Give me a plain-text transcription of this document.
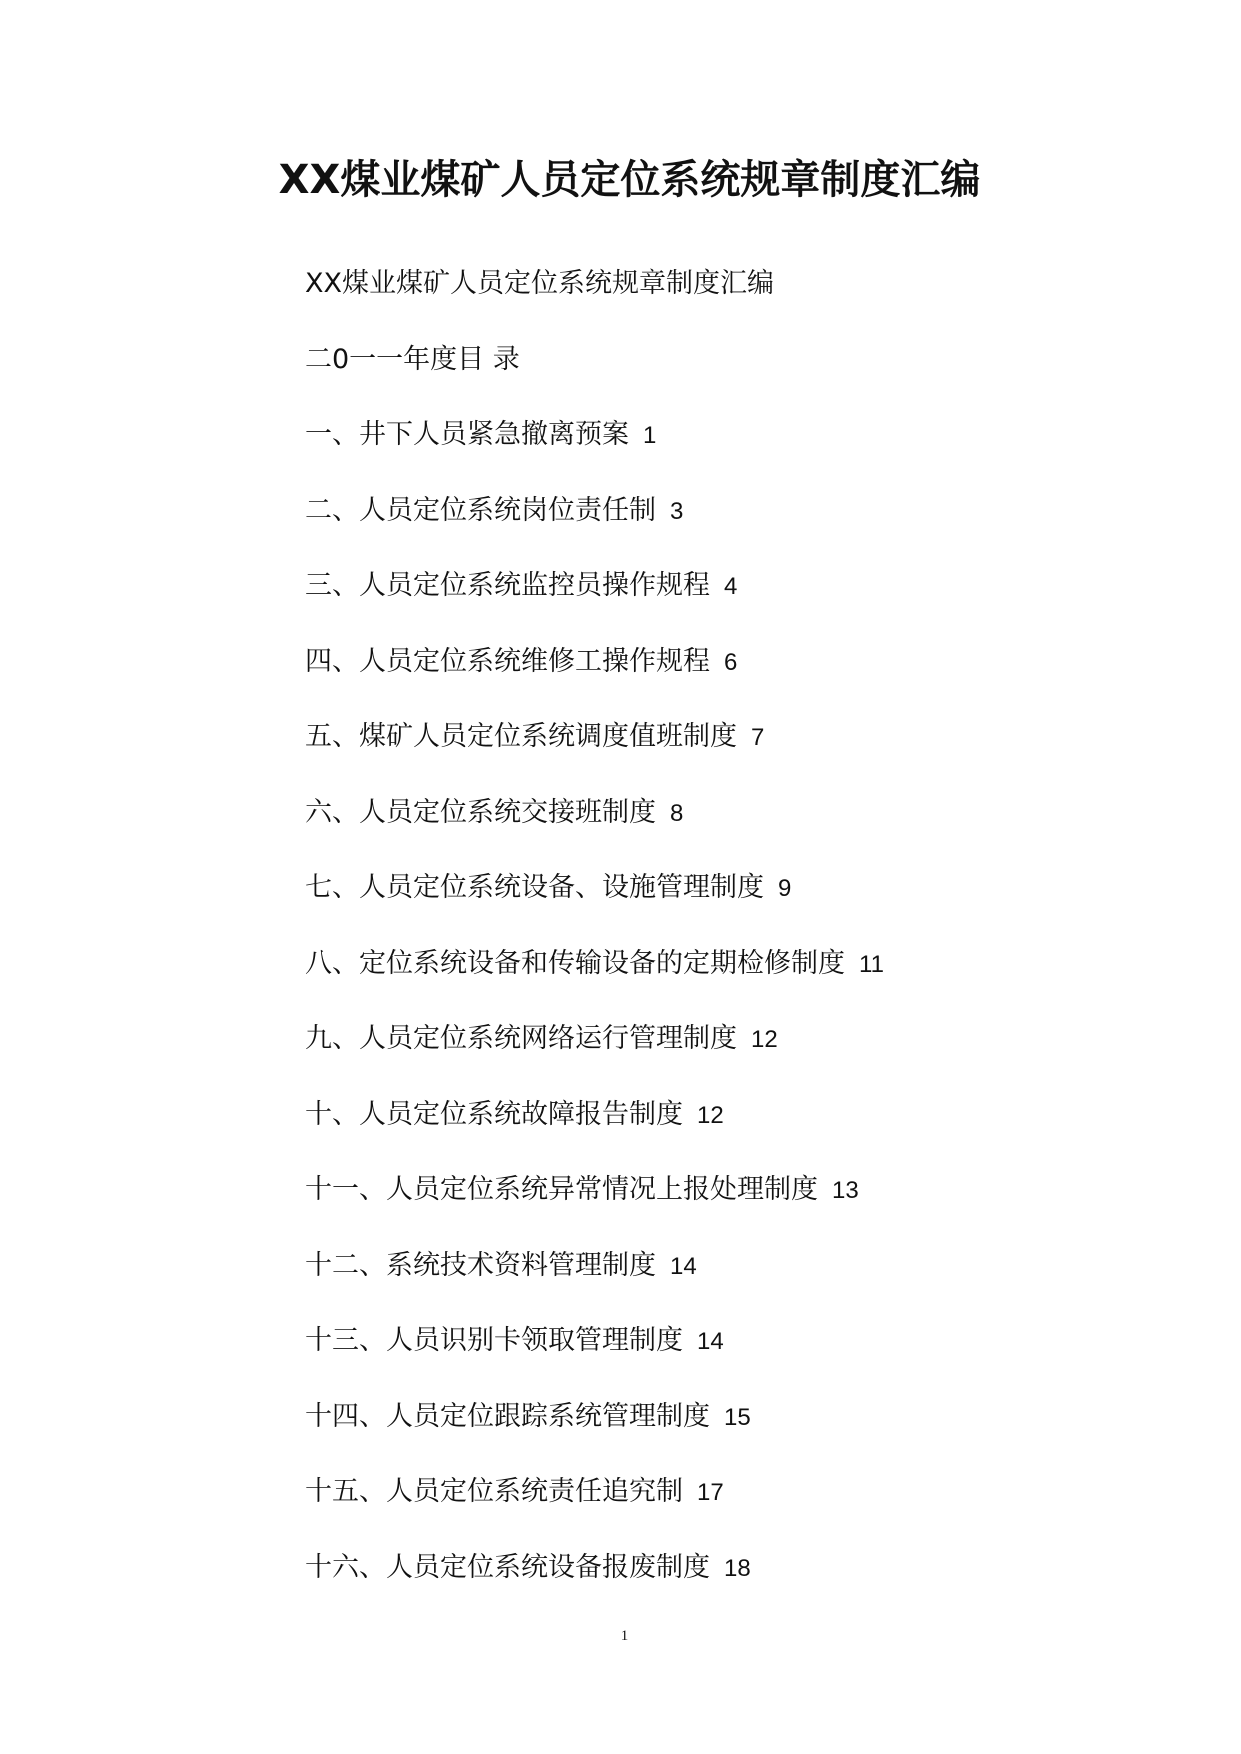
XX煤业煤矿人员定位系统规章制度汇编
XX煤业煤矿人员定位系统规章制度汇编
二0一一年度目 录
一、井下人员紧急撤离预案 1
二、人员定位系统岗位责任制 3
三、人员定位系统监控员操作规程 4
四、人员定位系统维修工操作规程 6
五、煤矿人员定位系统调度值班制度 7
六、人员定位系统交接班制度 8
七、人员定位系统设备、设施管理制度 9
八、定位系统设备和传输设备的定期检修制度 11
九、人员定位系统网络运行管理制度 12
十、人员定位系统故障报告制度 12
十一、人员定位系统异常情况上报处理制度 13
十二、系统技术资料管理制度 14
十三、人员识别卡领取管理制度 14
十四、人员定位跟踪系统管理制度 15
十五、人员定位系统责任追究制 17
十六、人员定位系统设备报废制度 18
1
